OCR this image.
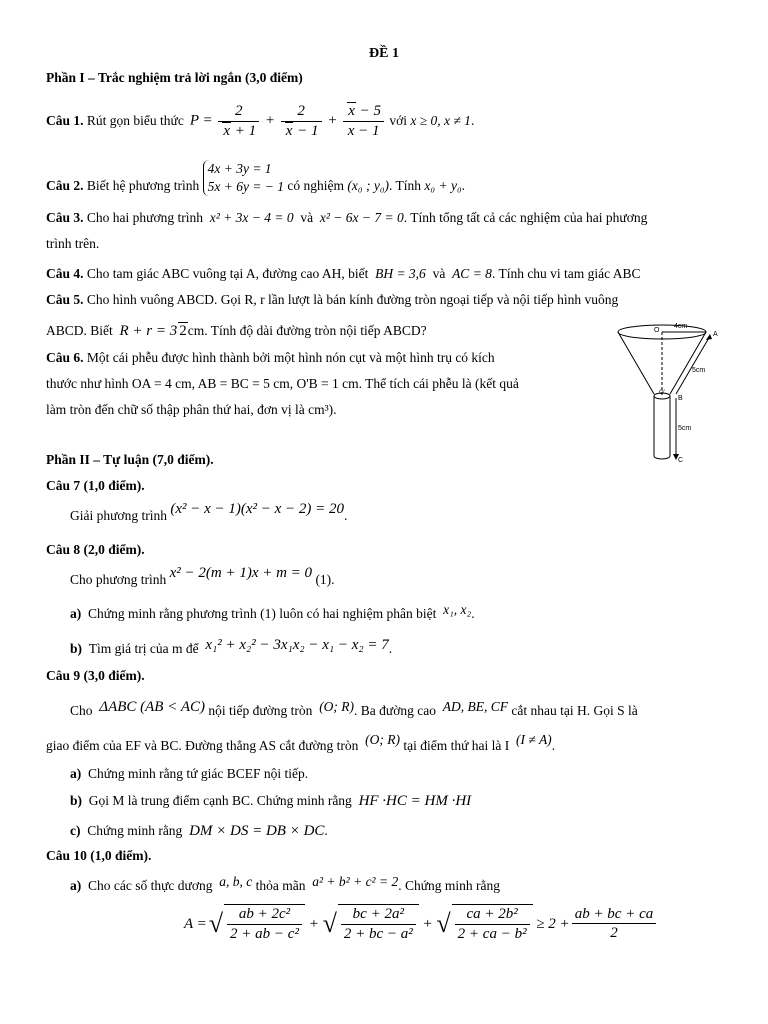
ĐỀ 1
Phần I – Trắc nghiệm trả lời ngắn (3,0 điểm)
Câu 1.
Rút gọn biểu thức $P = \frac{2}{x + 1} + \frac{2}{x - 1} + \frac{x - 5}{x - 1}$
với
x ≥ 0, x ≠ 1 .
Câu 2.
Biết hệ phương trình

4x + 3y = 1
5x + 6y = − 1
có nghiệm
(x₀ ; y₀) . Tính
x₀ + y₀ .
Câu 3. Cho hai phương trình x² + 3x − 4 = 0 và x² − 6x − 7 = 0. Tính tổng tất cả các nghiệm của hai phương
trình trên.
Câu 4. Cho tam giác ABC vuông tại A, đường cao AH, biết BH = 3,6 và AC = 8. Tính chu vi tam giác ABC
Câu 5. Cho hình vuông ABCD. Gọi R, r lần lượt là bán kính đường tròn ngoại tiếp và nội tiếp hình vuông
ABCD. Biết R + r = 3 2cm. Tính độ dài đường tròn nội tiếp ABCD?
Câu 6. Một cái phễu được hình thành bởi một hình nón cụt và một hình trụ có kích
thước như hình OA = 4 cm, AB = BC = 5 cm, O'B = 1 cm. Thể tích cái phễu là (kết quả
làm tròn đến chữ số thập phân thứ hai, đơn vị là cm³).
O
A
4cm
5cm
O'
B
5cm
C
Phần II – Tự luận (7,0 điểm).
Câu 7 (1,0 điểm).
Giải phương trình
(x² − x − 1)(x² − x − 2) = 20 .
Câu 8 (2,0 điểm).
Cho phương trình
x² − 2(m + 1)x + m = 0
(1).
a) Chứng minh rằng phương trình (1) luôn có hai nghiệm phân biệt x₁, x₂.
b) Tìm giá trị của m để x₁² + x₂² − 3x₁x₂ − x₁ − x₂ = 7.
Câu 9 (3,0 điểm).
Cho ΔABC (AB < AC) nội tiếp đường tròn (O; R). Ba đường cao AD, BE, CF cắt nhau tại H. Gọi S là
giao điểm của EF và BC. Đường thẳng AS cắt đường tròn (O; R) tại điểm thứ hai là I (I ≠ A).
a) Chứng minh rằng tứ giác BCEF nội tiếp.
b) Gọi M là trung điểm cạnh BC. Chứng minh rằng HF ·HC = HM ·HI
c) Chứng minh rằng DM × DS = DB × DC.
Câu 10 (1,0 điểm).
a) Cho các số thực dương a, b, c thỏa mãn a² + b² + c² = 2. Chứng minh rằng
A = √ $\frac{\text{ab + 2c²}}{\text{2 + ab − c²}}$ + √ $\frac{\text{bc + 2a²}}{\text{2 + bc − a²}}$ + √ $\frac{\text{ca + 2b²}}{\text{2 + ca − b²}} \ge 2 + \frac{ab + bc + ca}{2}$
